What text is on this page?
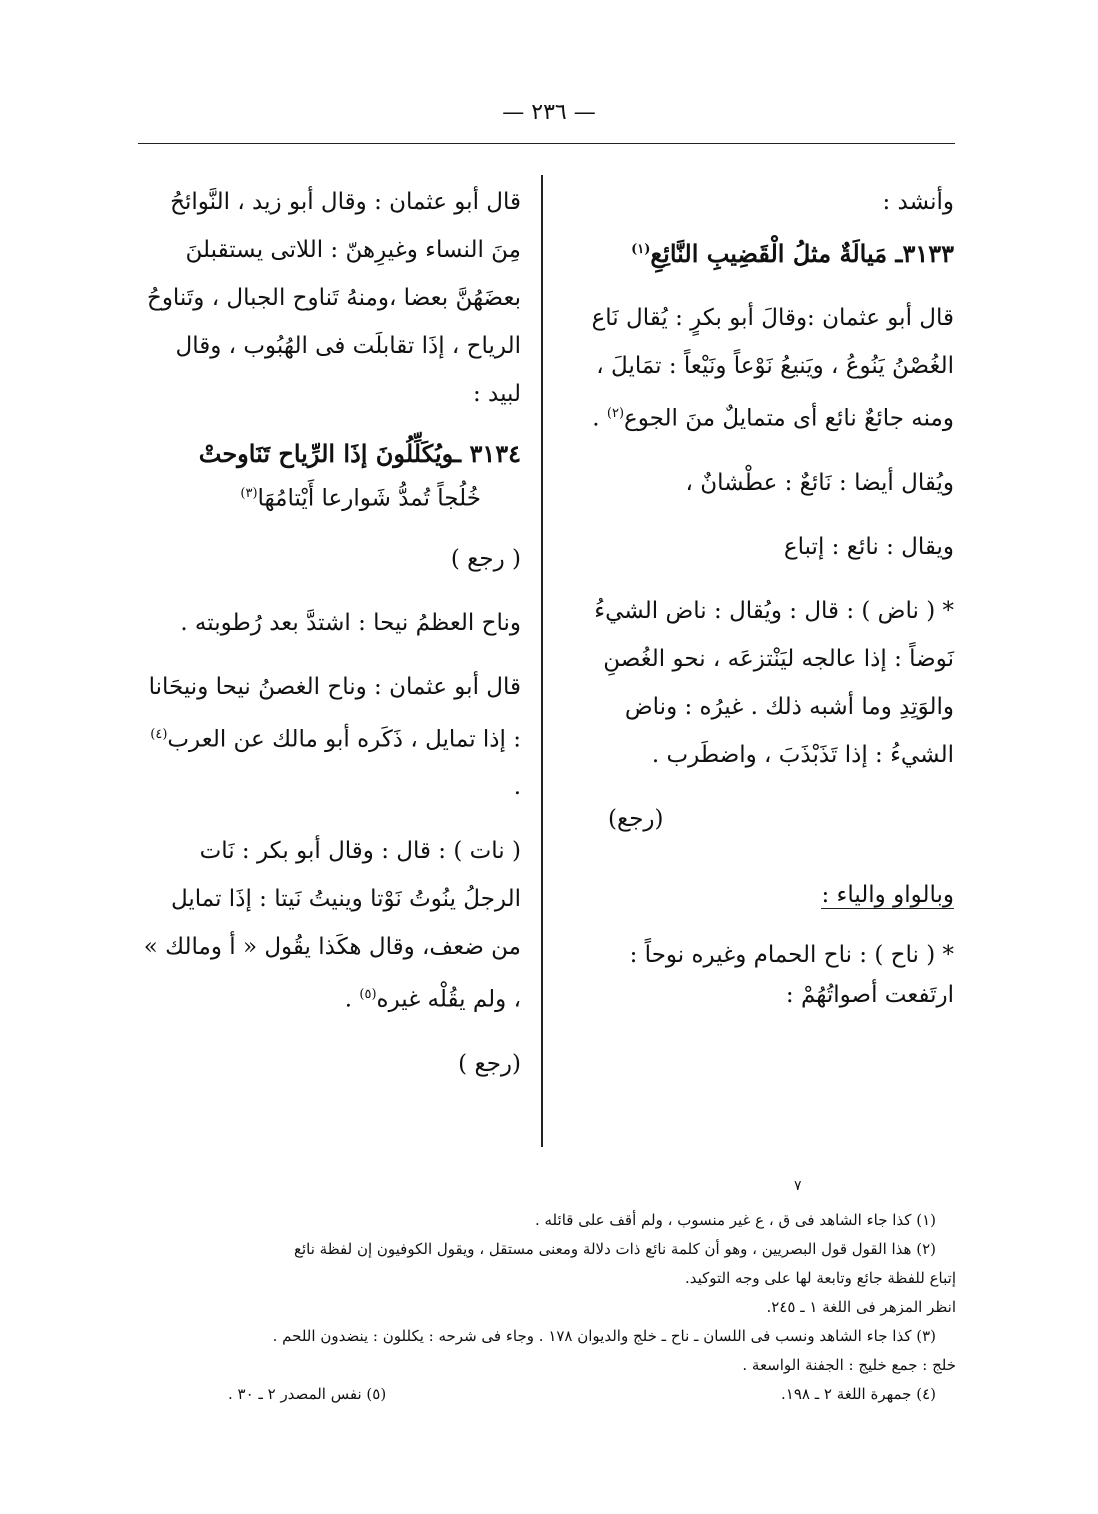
— ٢٣٦ —

وأنشد :

٣١٣٣ـ مَيالَةٌ مثلُ الْقَضِيبِ النَّائِعِ$^{(١)}$

قال أبو عثمان :وقالَ أبو بكرٍ : يُقال نَاع الغُصْنُ يَنُوعُ ، ويَنيعُ نَوْعاً ونَيْعاً : تمَايلَ ، ومنه جائعٌ نائع أى متمايلٌ منَ الجوع$^{(٢)}$ .

ويُقال أيضا : نَائعٌ : عطْشانٌ ،

ويقال : نائع : إتباع

* ( ناض ) : قال : ويُقال : ناض الشيءُ نَوضاً : إذا عالجه ليَنْتزعَه ، نحو الغُصنِ والوَتِدِ وما أشبه ذلك . غيرُه : وناض الشيءُ : إذا تَذَبْذَبَ ، واضطَرب .

(رجع)

وبالواو والياء :

* ( ناح ) : ناح الحمام وغيره نوحاً : ارتَفعت أصواتُهُمْ :

قال أبو عثمان : وقال أبو زيد ، النَّوائحُ مِنَ النساء وغيرِهنّ : اللاتى يستقبلنَ بعضَهُنَّ بعضا ،ومنهُ تَناوح الجبال ، وتَناوحُ الرياح ، إذَا تقابلَت فى الهُبُوب ، وقال لبيد :

٣١٣٤ ـويُكَلِّلُونَ إذَا الرِّياح تَنَاوحتْ

خُلُجاً تُمدُّ شَوارعا أَيْتامُهَا$^{(٣)}$

( رجع )

وناح العظمُ نيحا : اشتدَّ بعد رُطوبته .

قال أبو عثمان : وناح الغصنُ نيحا ونيحَانا : إذا تمايل ، ذَكَره أبو مالك عن العرب$^{(٤)}$ .

( نات ) : قال : وقال أبو بكر : نَات الرجلُ ينُوتُ نَوْتا وينيتُ نَيتا : إذَا تمايل من ضعف، وقال هكَذا يقُول « أ ومالك » ، ولم يقُلْه غيره$^{(٥)}$ .

(رجع )

٧

(١) كذا جاء الشاهد فى ق ، ع غير منسوب ، ولم أقف على قائله .

(٢) هذا القول قول البصريين ، وهو أن كلمة نائع ذات دلالة ومعنى مستقل ، ويقول الكوفيون إن لفظة نائع

إتباع للفظة جائع وتابعة لها على وجه التوكيد.

انظر المزهر فى اللغة ١ ـ ٢٤٥.

(٣) كذا جاء الشاهد ونسب فى اللسان ـ ناح ـ خلج والديوان ١٧٨ . وجاء فى شرحه : يكللون : ينضدون اللحم .

خلج : جمع خليج : الجفنة الواسعة .

(٤) جمهرة اللغة ٢ ـ ١٩٨.
(٥) نفس المصدر ٢ ـ ٣٠ .
